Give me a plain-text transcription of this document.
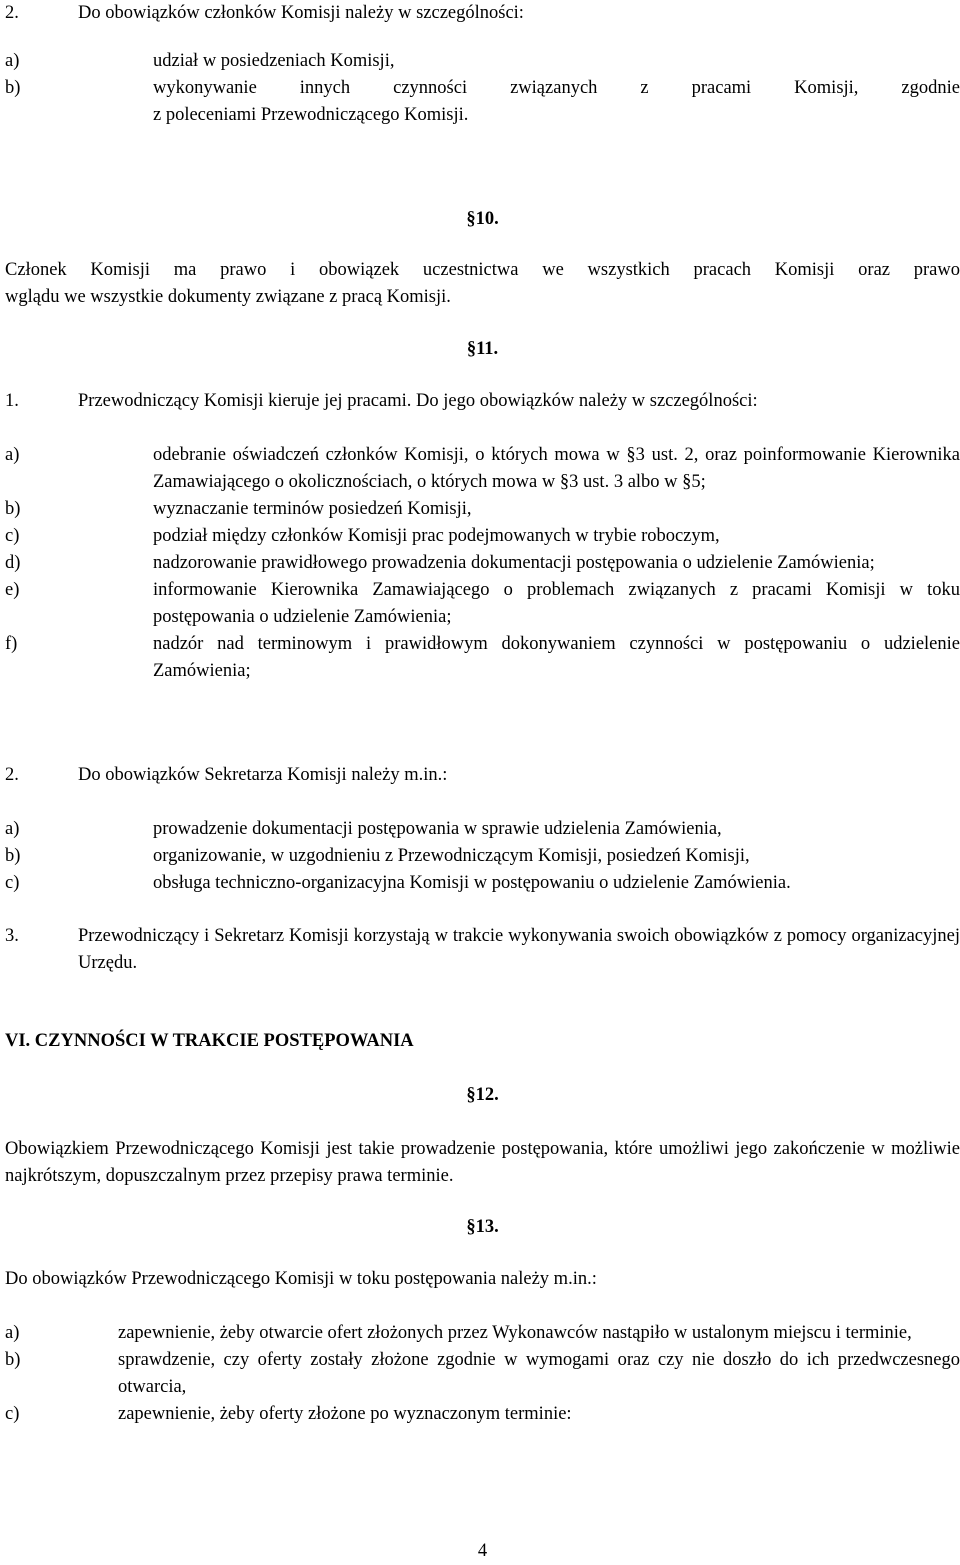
2.	Do obowiązków członków Komisji należy w szczególności:
a)	udział w posiedzeniach Komisji,
b)	wykonywanie innych czynności związanych z pracami Komisji, zgodnie
z poleceniami Przewodniczącego Komisji.
§10.
Członek Komisji ma prawo i obowiązek uczestnictwa we wszystkich pracach Komisji oraz prawo
wglądu we wszystkie dokumenty związane z pracą Komisji.
§11.
1.	Przewodniczący Komisji kieruje jej pracami. Do jego obowiązków należy w szczególności:
a)	odebranie oświadczeń członków Komisji, o których mowa w §3 ust. 2, oraz poinformowanie Kierownika Zamawiającego o okolicznościach, o których mowa w §3 ust. 3 albo w §5;
b)	wyznaczanie terminów posiedzeń Komisji,
c)	podział między członków Komisji prac podejmowanych w trybie roboczym,
d)	nadzorowanie prawidłowego prowadzenia dokumentacji postępowania o udzielenie Zamówienia;
e)	informowanie Kierownika Zamawiającego o problemach związanych z pracami Komisji w toku postępowania o udzielenie Zamówienia;
f)	nadzór nad terminowym i prawidłowym dokonywaniem czynności w postępowaniu o udzielenie Zamówienia;
2.	Do obowiązków Sekretarza Komisji należy m.in.:
a)	prowadzenie dokumentacji postępowania w sprawie udzielenia Zamówienia,
b)	organizowanie, w uzgodnieniu z Przewodniczącym Komisji, posiedzeń Komisji,
c)	obsługa techniczno-organizacyjna Komisji w postępowaniu o udzielenie Zamówienia.
3.	Przewodniczący i Sekretarz Komisji korzystają w trakcie wykonywania swoich obowiązków z pomocy organizacyjnej Urzędu.
VI. CZYNNOŚCI W TRAKCIE POSTĘPOWANIA
§12.
Obowiązkiem Przewodniczącego Komisji jest takie prowadzenie postępowania, które umożliwi jego zakończenie w możliwie najkrótszym, dopuszczalnym przez przepisy prawa terminie.
§13.
Do obowiązków Przewodniczącego Komisji w toku postępowania należy m.in.:
a)	zapewnienie, żeby otwarcie ofert złożonych przez Wykonawców nastąpiło w ustalonym miejscu i terminie,
b)	sprawdzenie, czy oferty zostały złożone zgodnie w wymogami oraz czy nie doszło do ich przedwczesnego otwarcia,
c)	zapewnienie, żeby oferty złożone po wyznaczonym terminie:
4
